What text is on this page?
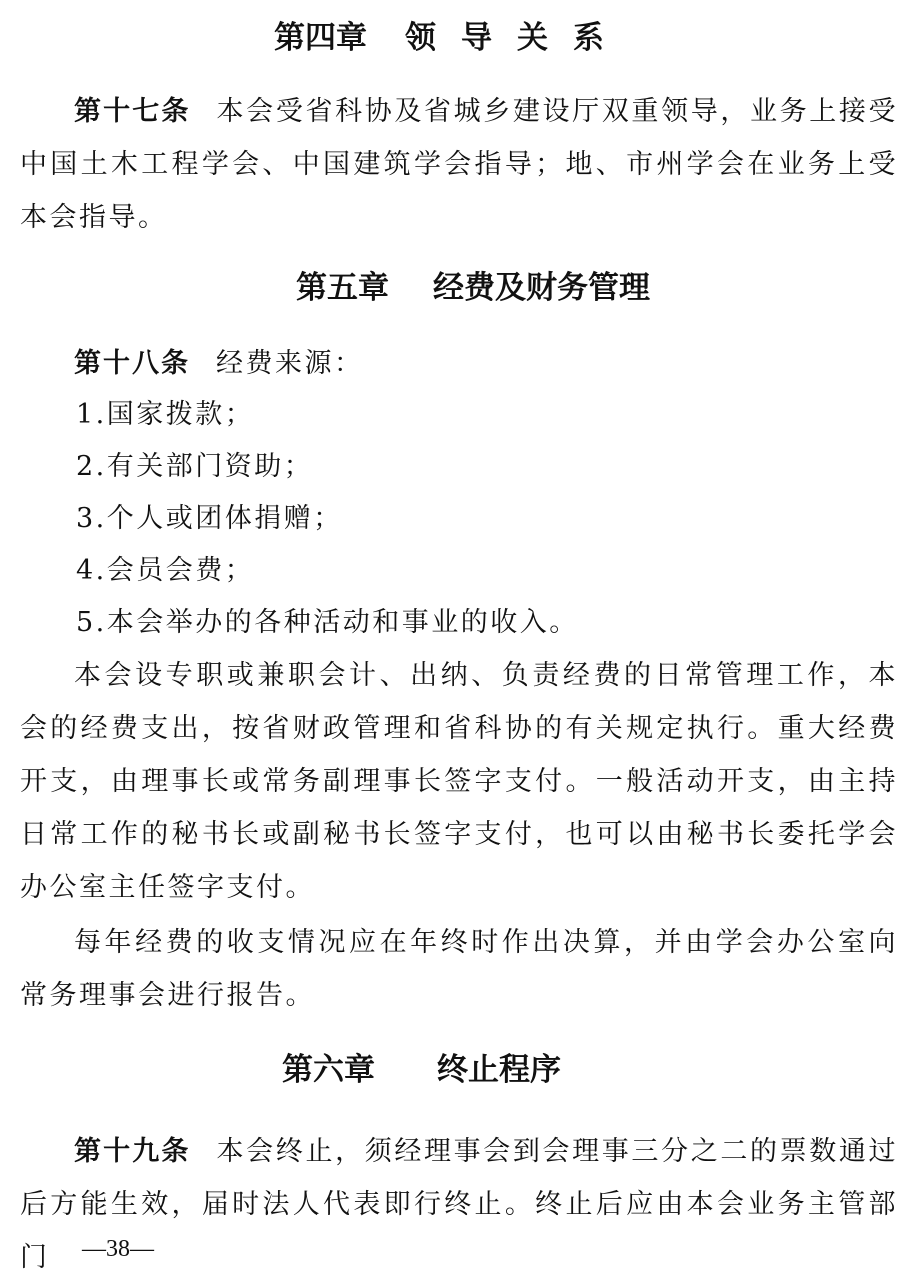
第四章 领导关系

第十七条 本会受省科协及省城乡建设厅双重领导，业务上接受中国土木工程学会、中国建筑学会指导；地、市州学会在业务上受本会指导。

第五章 经费及财务管理

第十八条 经费来源：

1.国家拨款；

2.有关部门资助；

3.个人或团体捐赠；

4.会员会费；

5.本会举办的各种活动和事业的收入。

本会设专职或兼职会计、出纳、负责经费的日常管理工作，本会的经费支出，按省财政管理和省科协的有关规定执行。重大经费开支，由理事长或常务副理事长签字支付。一般活动开支，由主持日常工作的秘书长或副秘书长签字支付，也可以由秘书长委托学会办公室主任签字支付。

每年经费的收支情况应在年终时作出决算，并由学会办公室向常务理事会进行报告。

第六章 终止程序

第十九条 本会终止，须经理事会到会理事三分之二的票数通过后方能生效，届时法人代表即行终止。终止后应由本会业务主管部门	—38—
